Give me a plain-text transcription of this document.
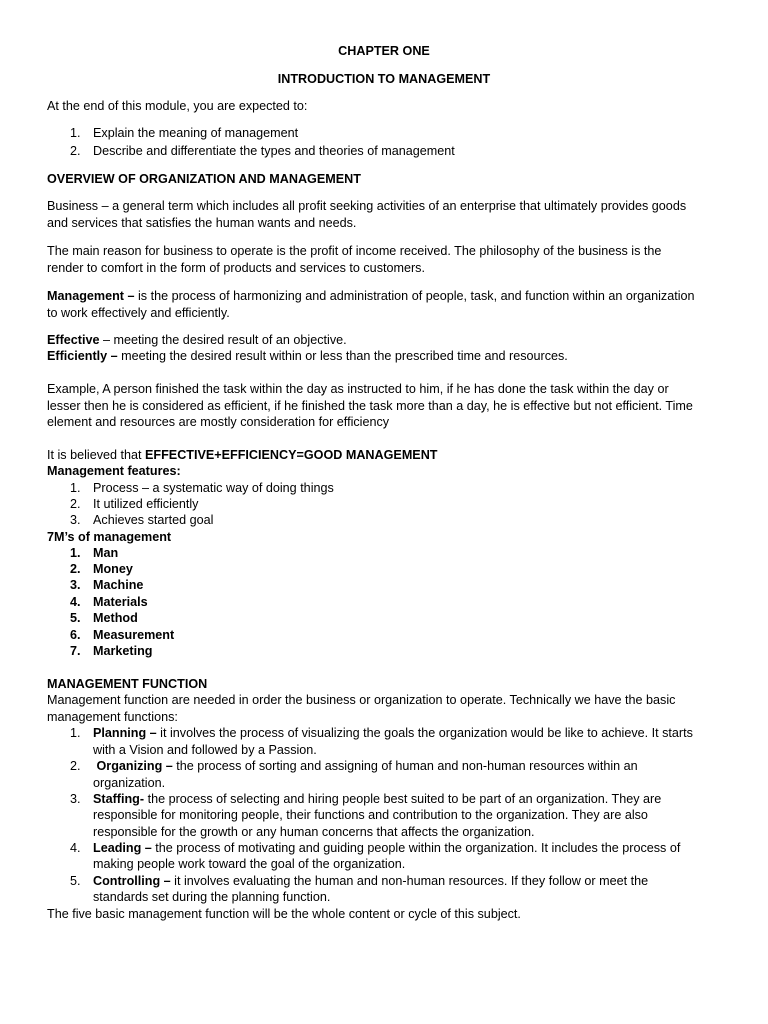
CHAPTER ONE
INTRODUCTION TO MANAGEMENT
At the end of this module, you are expected to:
1. Explain the meaning of management
2. Describe and differentiate the types and theories of management
OVERVIEW OF ORGANIZATION AND MANAGEMENT
Business – a general term which includes all profit seeking activities of an enterprise that ultimately provides goods
and services that satisfies the human wants and needs.
The main reason for business to operate is the profit of income received. The philosophy of the business is the
render to comfort in the form of products and services to customers.
Management – is the process of harmonizing and administration of people, task, and function within an organization
to work effectively and efficiently.
Effective – meeting the desired result of an objective.
Efficiently – meeting the desired result within or less than the prescribed time and resources.
Example, A person finished the task within the day as instructed to him, if he has done the task within the day or
lesser then he is considered as efficient, if he finished the task more than a day, he is effective but not efficient. Time
element and resources are mostly consideration for efficiency
It is believed that EFFECTIVE+EFFICIENCY=GOOD MANAGEMENT
Management features:
1. Process – a systematic way of doing things
2. It utilized efficiently
3. Achieves started goal
7M’s of management
1. Man
2. Money
3. Machine
4. Materials
5. Method
6. Measurement
7. Marketing
MANAGEMENT FUNCTION
Management function are needed in order the business or organization to operate. Technically we have the basic
management functions:
1. Planning – it involves the process of visualizing the goals the organization would be like to achieve. It starts
with a Vision and followed by a Passion.
2. Organizing – the process of sorting and assigning of human and non-human resources within an
organization.
3. Staffing- the process of selecting and hiring people best suited to be part of an organization. They are
responsible for monitoring people, their functions and contribution to the organization. They are also
responsible for the growth or any human concerns that affects the organization.
4. Leading – the process of motivating and guiding people within the organization. It includes the process of
making people work toward the goal of the organization.
5. Controlling – it involves evaluating the human and non-human resources. If they follow or meet the
standards set during the planning function.
The five basic management function will be the whole content or cycle of this subject.
